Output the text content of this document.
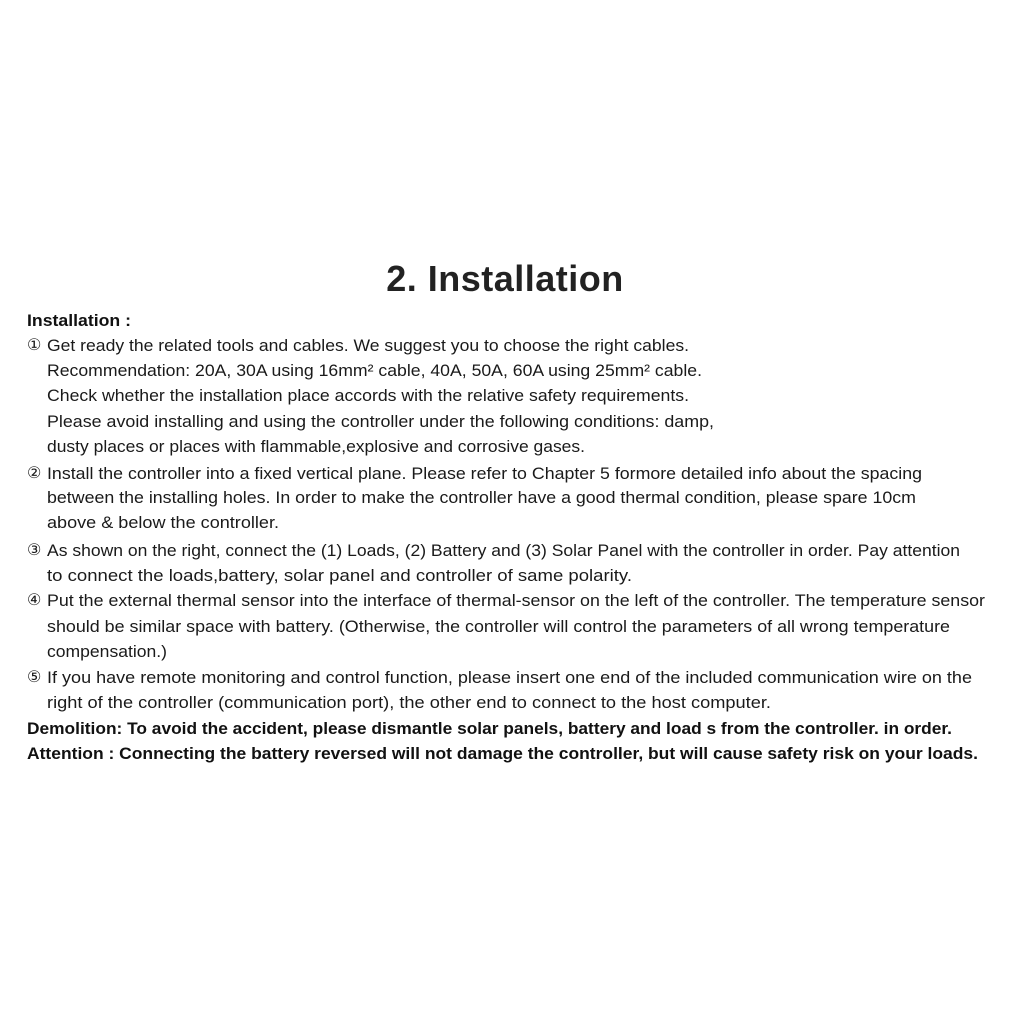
2. Installation
Installation :
① Get ready the related tools and cables. We suggest you to choose the right cables.
Recommendation: 20A, 30A using 16mm² cable, 40A, 50A, 60A using 25mm² cable.
Check whether the installation place accords with the relative safety requirements.
Please avoid installing and using the controller under the following conditions: damp,
dusty places or places with flammable,explosive and corrosive gases.
② Install the controller into a fixed vertical plane. Please refer to Chapter 5 formore detailed info about the spacing
between the installing holes. In order to make the controller have a good thermal condition, please spare 10cm
above & below the controller.
③ As shown on the right, connect the (1) Loads, (2) Battery and (3) Solar Panel with the controller in order. Pay attention
to connect the loads,battery, solar panel and controller of same polarity.
④ Put the external thermal sensor into the interface of thermal-sensor on the left of the controller. The temperature sensor
should be similar space with battery. (Otherwise, the controller will control the parameters of all wrong temperature
compensation.)
⑤ If you have remote monitoring and control function, please insert one end of the included communication wire on the
right of the controller (communication port), the other end to connect to the host computer.
Demolition: To avoid the accident, please dismantle solar panels, battery and load s from the controller. in order.
Attention : Connecting the battery reversed will not damage the controller, but will cause safety risk on your loads.
